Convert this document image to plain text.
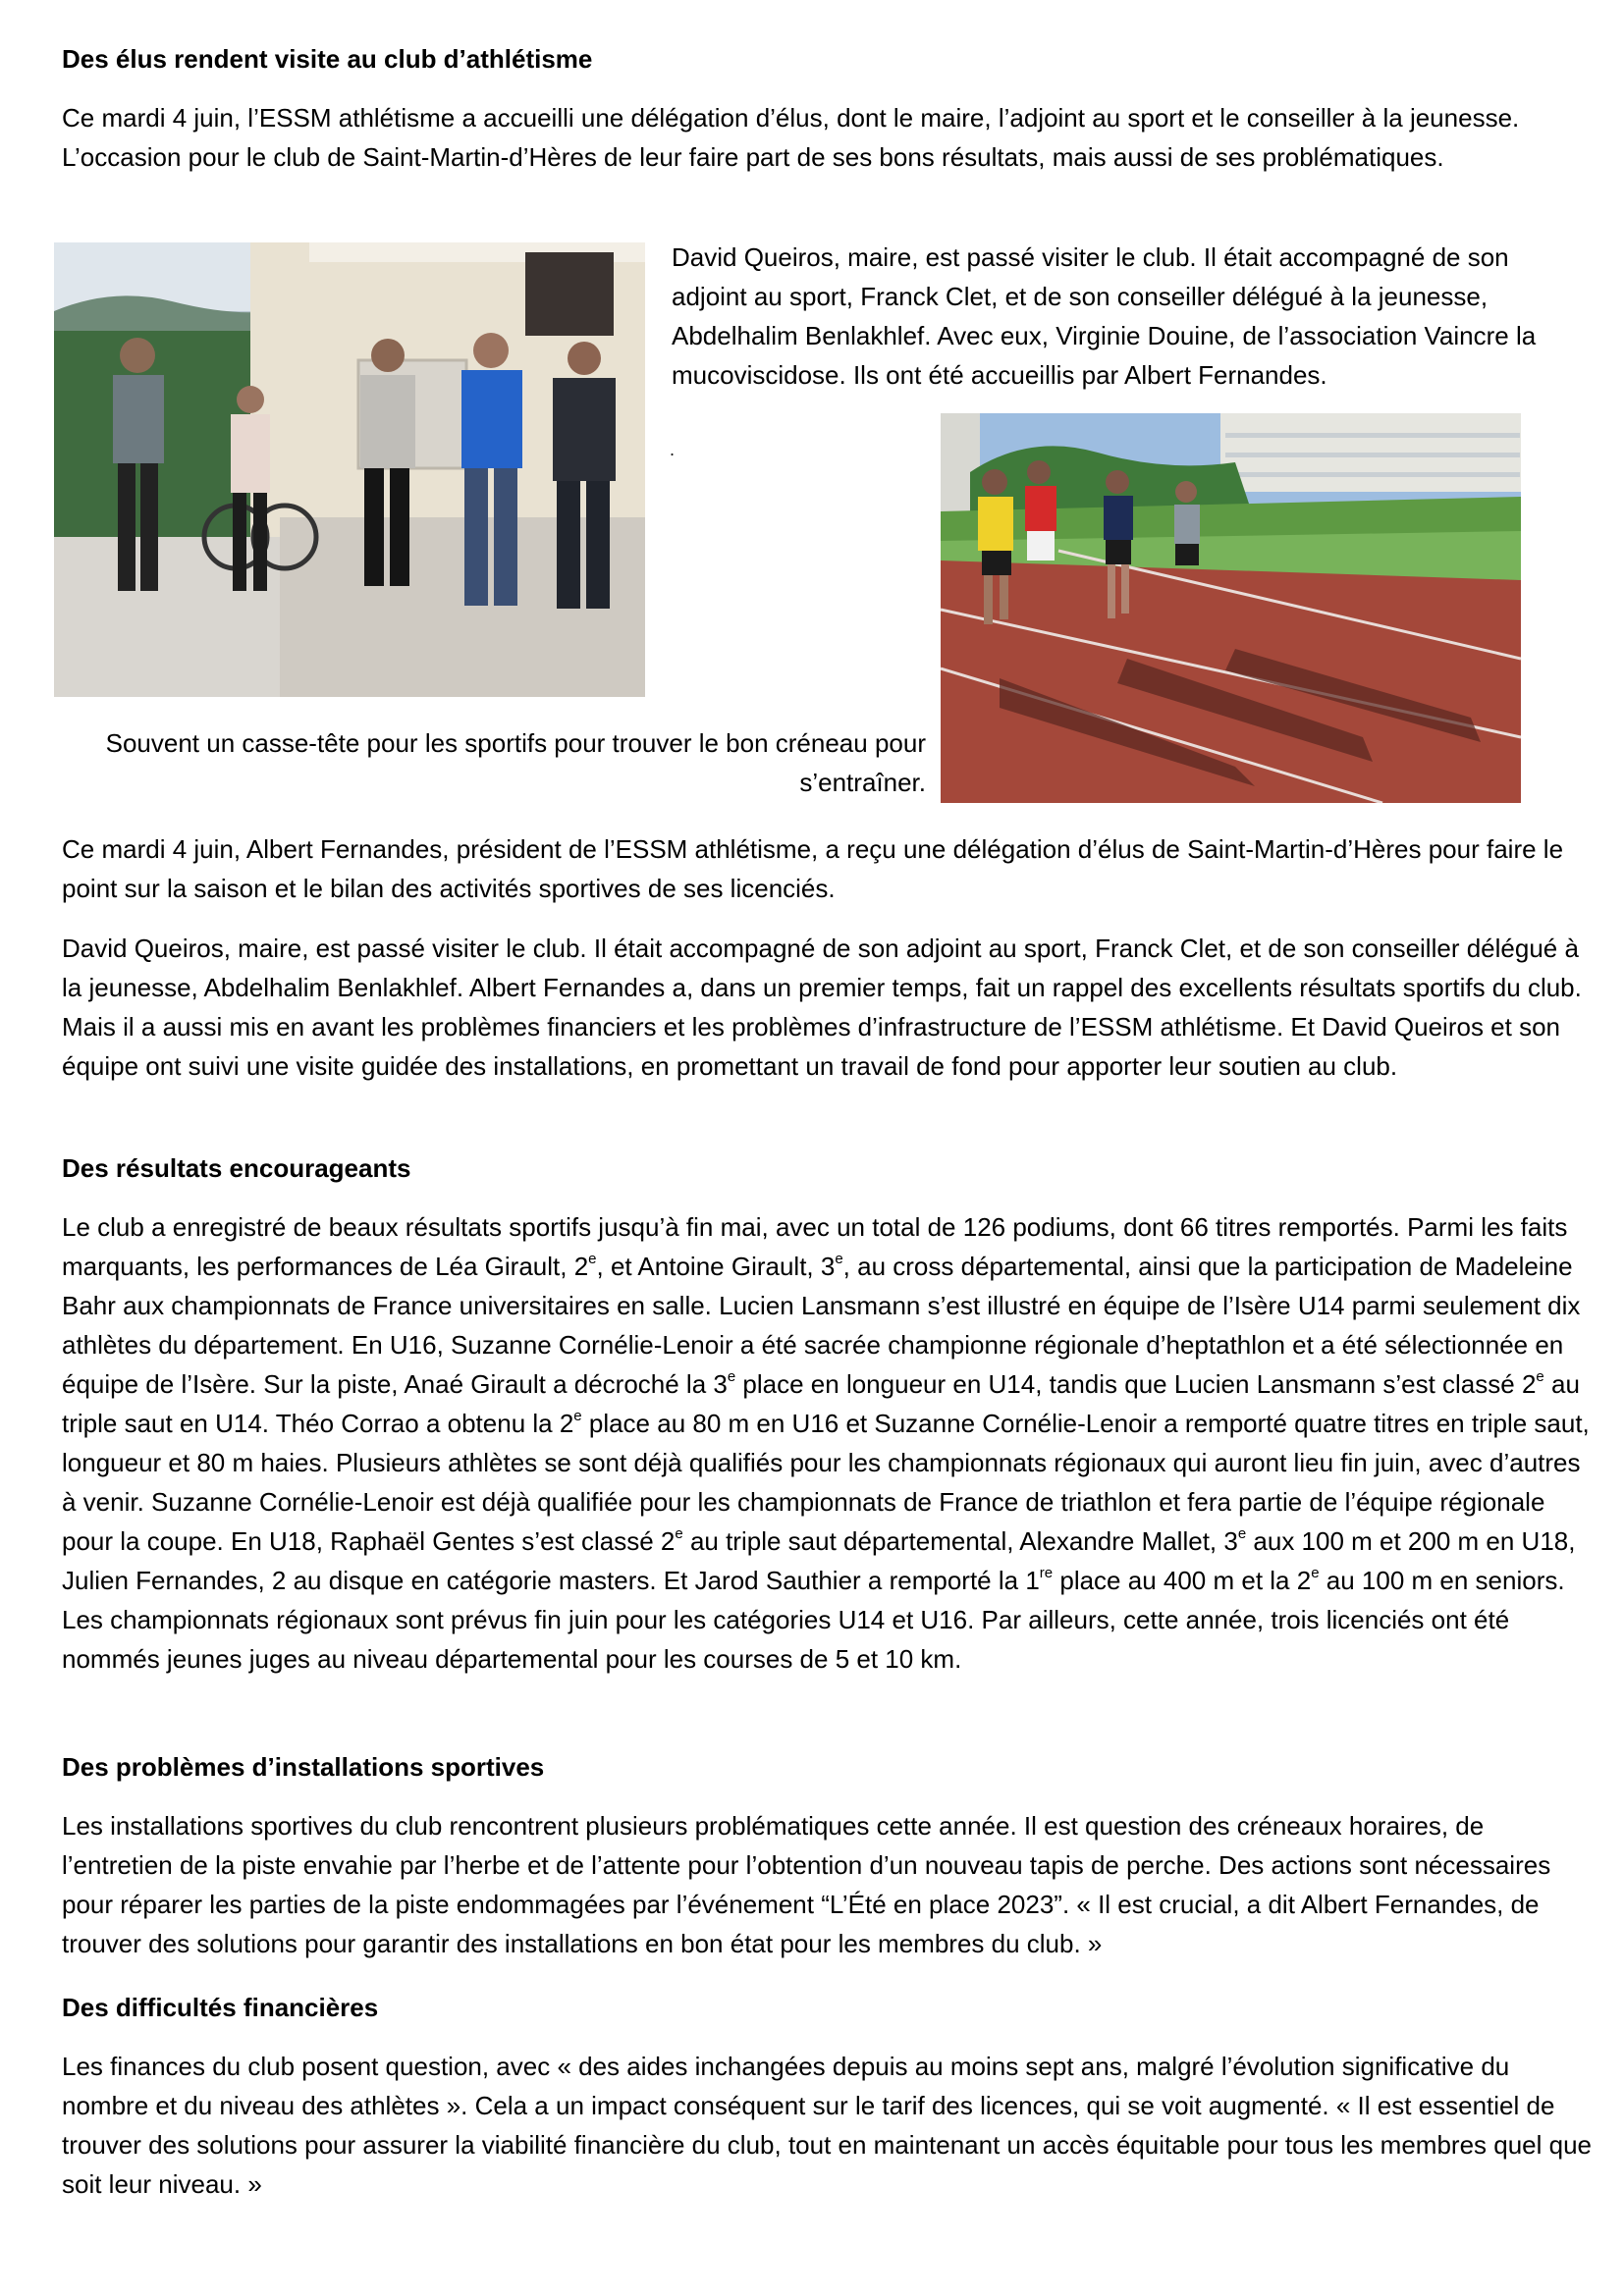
Des élus rendent visite au club d’athlétisme

Ce mardi 4 juin, l’ESSM athlétisme a accueilli une délégation d’élus, dont le maire, l’adjoint au sport et le conseiller à la jeunesse. L’occasion pour le club de Saint-Martin-d’Hères de leur faire part de ses bons résultats, mais aussi de ses problématiques.

David Queiros, maire, est passé visiter le club. Il était accompagné de son adjoint au sport, Franck Clet, et de son conseiller délégué à la jeunesse, Abdelhalim Benlakhlef. Avec eux, Virginie Douine, de l’association Vaincre la mucoviscidose. Ils ont été accueillis par Albert Fernandes.

.

Souvent un casse-tête pour les sportifs pour trouver le bon créneau pour s’entraîner.

Ce mardi 4 juin, Albert Fernandes, président de l’ESSM athlétisme, a reçu une délégation d’élus de Saint-Martin-d’Hères pour faire le point sur la saison et le bilan des activités sportives de ses licenciés.

David Queiros, maire, est passé visiter le club. Il était accompagné de son adjoint au sport, Franck Clet, et de son conseiller délégué à la jeunesse, Abdelhalim Benlakhlef. Albert Fernandes a, dans un premier temps, fait un rappel des excellents résultats sportifs du club. Mais il a aussi mis en avant les problèmes financiers et les problèmes d’infrastructure de l’ESSM athlétisme. Et David Queiros et son équipe ont suivi une visite guidée des installations, en promettant un travail de fond pour apporter leur soutien au club.

Des résultats encourageants

Le club a enregistré de beaux résultats sportifs jusqu’à fin mai, avec un total de 126 podiums, dont 66 titres remportés. Parmi les faits marquants, les performances de Léa Girault, 2e, et Antoine Girault, 3e, au cross départemental, ainsi que la participation de Madeleine Bahr aux championnats de France universitaires en salle. Lucien Lansmann s’est illustré en équipe de l’Isère U14 parmi seulement dix athlètes du département. En U16, Suzanne Cornélie-Lenoir a été sacrée championne régionale d’heptathlon et a été sélectionnée en équipe de l’Isère. Sur la piste, Anaé Girault a décroché la 3e place en longueur en U14, tandis que Lucien Lansmann s’est classé 2e au triple saut en U14. Théo Corrao a obtenu la 2e place au 80 m en U16 et Suzanne Cornélie-Lenoir a remporté quatre titres en triple saut, longueur et 80 m haies. Plusieurs athlètes se sont déjà qualifiés pour les championnats régionaux qui auront lieu fin juin, avec d’autres à venir. Suzanne Cornélie-Lenoir est déjà qualifiée pour les championnats de France de triathlon et fera partie de l’équipe régionale pour la coupe. En U18, Raphaël Gentes s’est classé 2e au triple saut départemental, Alexandre Mallet, 3e aux 100 m et 200 m en U18, Julien Fernandes, 2 au disque en catégorie masters. Et Jarod Sauthier a remporté la 1re place au 400 m et la 2e au 100 m en seniors. Les championnats régionaux sont prévus fin juin pour les catégories U14 et U16. Par ailleurs, cette année, trois licenciés ont été nommés jeunes juges au niveau départemental pour les courses de 5 et 10 km.

Des problèmes d’installations sportives

Les installations sportives du club rencontrent plusieurs problématiques cette année. Il est question des créneaux horaires, de l’entretien de la piste envahie par l’herbe et de l’attente pour l’obtention d’un nouveau tapis de perche. Des actions sont nécessaires pour réparer les parties de la piste endommagées par l’événement “L’Été en place 2023”. « Il est crucial, a dit Albert Fernandes, de trouver des solutions pour garantir des installations en bon état pour les membres du club. »

Des difficultés financières

Les finances du club posent question, avec « des aides inchangées depuis au moins sept ans, malgré l’évolution significative du nombre et du niveau des athlètes ». Cela a un impact conséquent sur le tarif des licences, qui se voit augmenté. « Il est essentiel de trouver des solutions pour assurer la viabilité financière du club, tout en maintenant un accès équitable pour tous les membres quel que soit leur niveau. »
